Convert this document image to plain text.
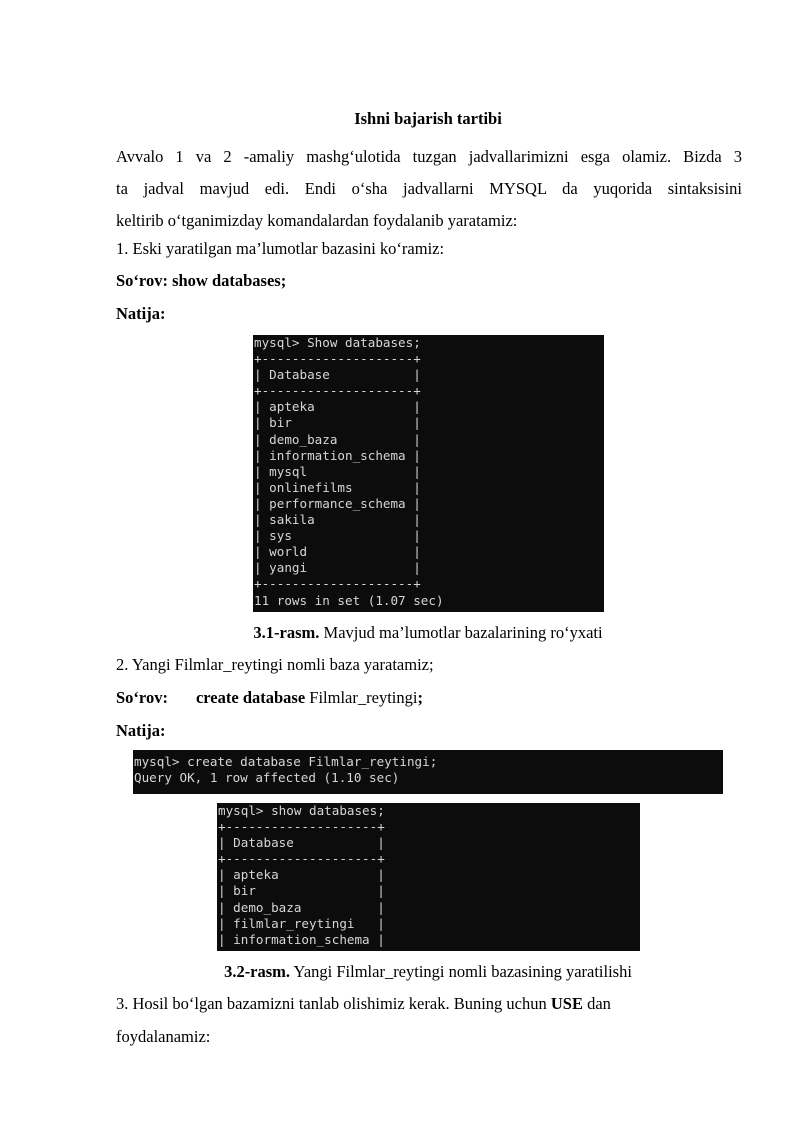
Ishni bajarish tartibi
Avvalo 1 va 2 -amaliy mashg‘ulotida tuzgan jadvallarimizni esga olamiz. Bizda 3
ta jadval mavjud edi. Endi o‘sha jadvallarni MYSQL da yuqorida sintaksisini
keltirib o‘tganimizday komandalardan foydalanib yaratamiz:
1. Eski yaratilgan ma’lumotlar bazasini ko‘ramiz:
So‘rov: show databases;
Natija:
mysql> Show databases;
+--------------------+
| Database           |
+--------------------+
| apteka             |
| bir                |
| demo_baza          |
| information_schema |
| mysql              |
| onlinefilms        |
| performance_schema |
| sakila             |
| sys                |
| world              |
| yangi              |
+--------------------+
11 rows in set (1.07 sec)
3.1-rasm. Mavjud ma’lumotlar bazalarining ro‘yxati
2. Yangi Filmlar_reytingi nomli baza yaratamiz;
So‘rov: create database Filmlar_reytingi;
Natija:
mysql> create database Filmlar_reytingi;
Query OK, 1 row affected (1.10 sec)
mysql> show databases;
+--------------------+
| Database           |
+--------------------+
| apteka             |
| bir                |
| demo_baza          |
| filmlar_reytingi   |
| information_schema |
3.2-rasm. Yangi Filmlar_reytingi nomli bazasining yaratilishi
3. Hosil bo‘lgan bazamizni tanlab olishimiz kerak. Buning uchun USE dan
foydalanamiz:
